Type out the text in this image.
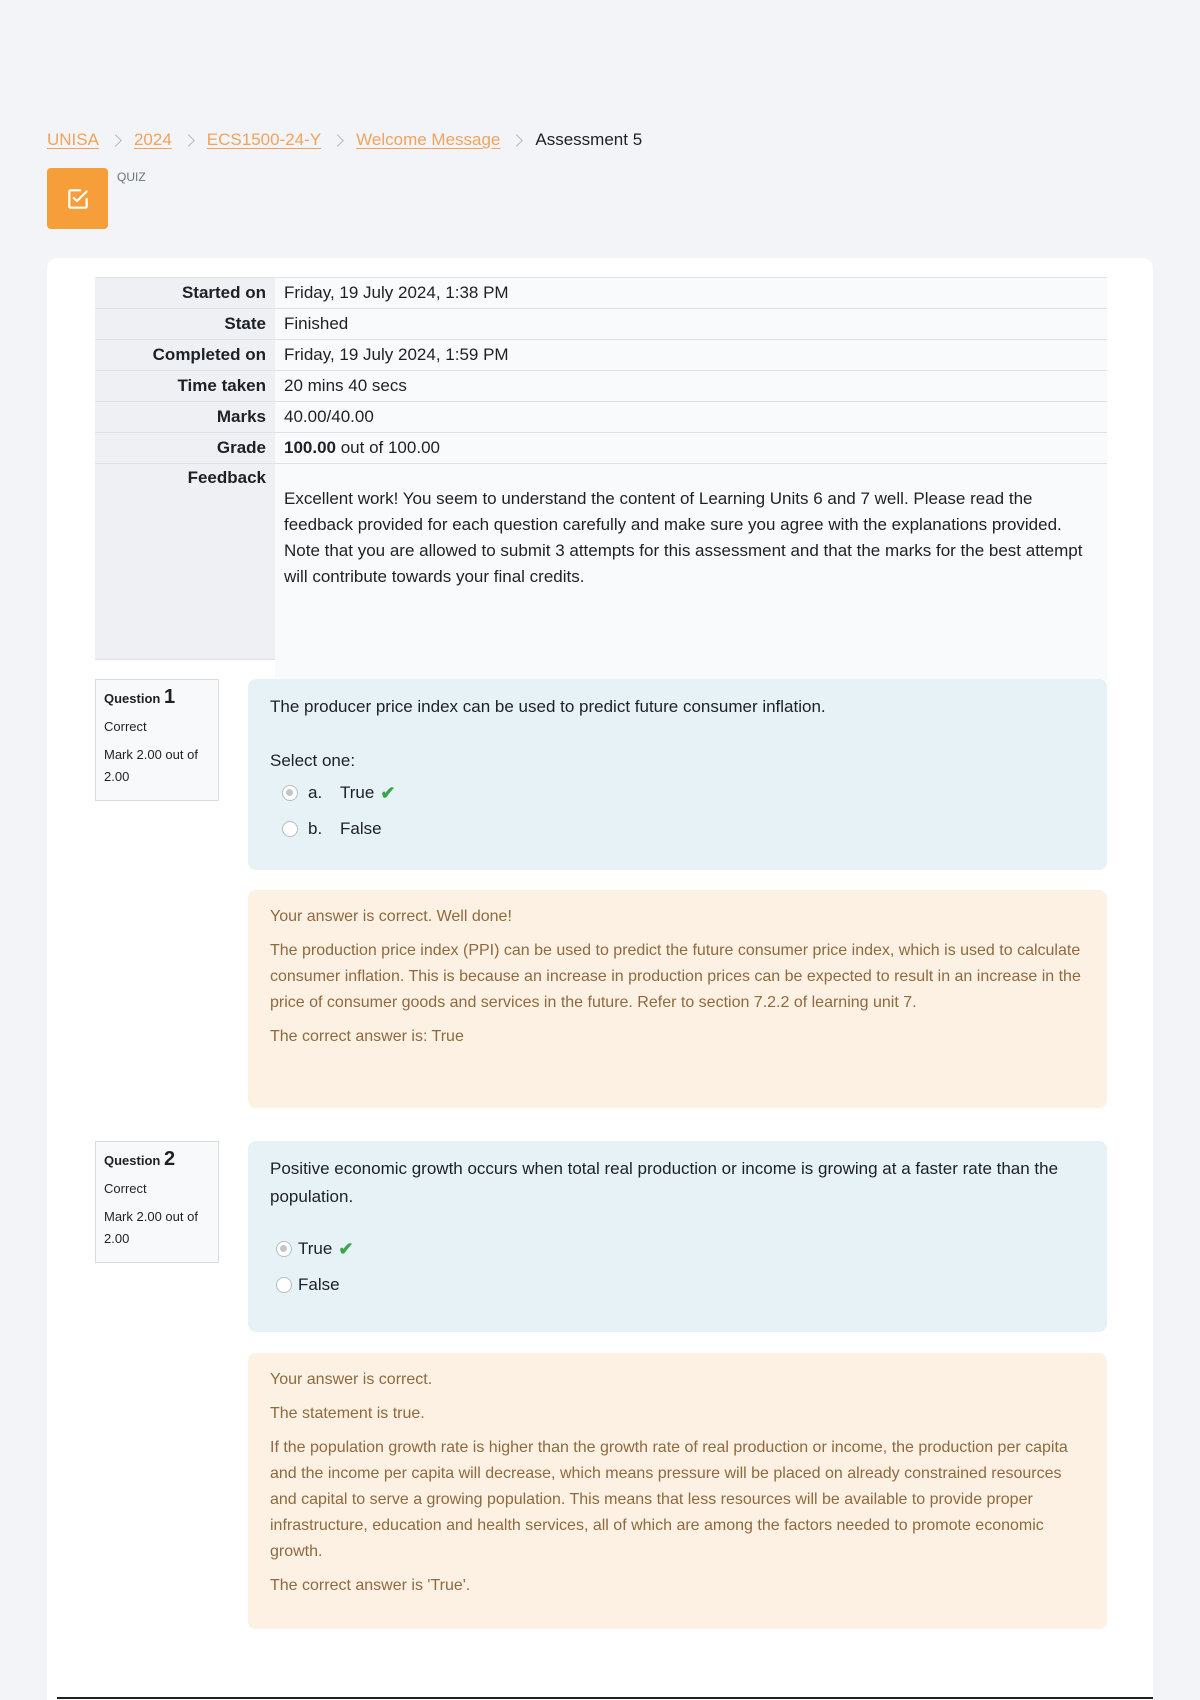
UNISA 2024 ECS1500-24-Y Welcome Message Assessment 5
QUIZ
Started on	Friday, 19 July 2024, 1:38 PM
State	Finished
Completed on	Friday, 19 July 2024, 1:59 PM
Time taken	20 mins 40 secs
Marks	40.00/40.00
Grade	100.00 out of 100.00
Feedback
Excellent work! You seem to understand the content of Learning Units 6 and 7 well. Please read the feedback provided for each question carefully and make sure you agree with the explanations provided. Note that you are allowed to submit 3 attempts for this assessment and that the marks for the best attempt will contribute towards your final credits.
Question 1
Correct
Mark 2.00 out of 2.00
The producer price index can be used to predict future consumer inflation.
Select one:
a.	True ✔
b.	False

Your answer is correct. Well done!

The production price index (PPI) can be used to predict the future consumer price index, which is used to calculate consumer inflation. This is because an increase in production prices can be expected to result in an increase in the price of consumer goods and services in the future. Refer to section 7.2.2 of learning unit 7.

The correct answer is: True

Question 2
Correct
Mark 2.00 out of 2.00
Positive economic growth occurs when total real production or income is growing at a faster rate than the population.
True ✔
False

Your answer is correct.

The statement is true.

If the population growth rate is higher than the growth rate of real production or income, the production per capita and the income per capita will decrease, which means pressure will be placed on already constrained resources and capital to serve a growing population. This means that less resources will be available to provide proper infrastructure, education and health services, all of which are among the factors needed to promote economic growth.

The correct answer is 'True'.
